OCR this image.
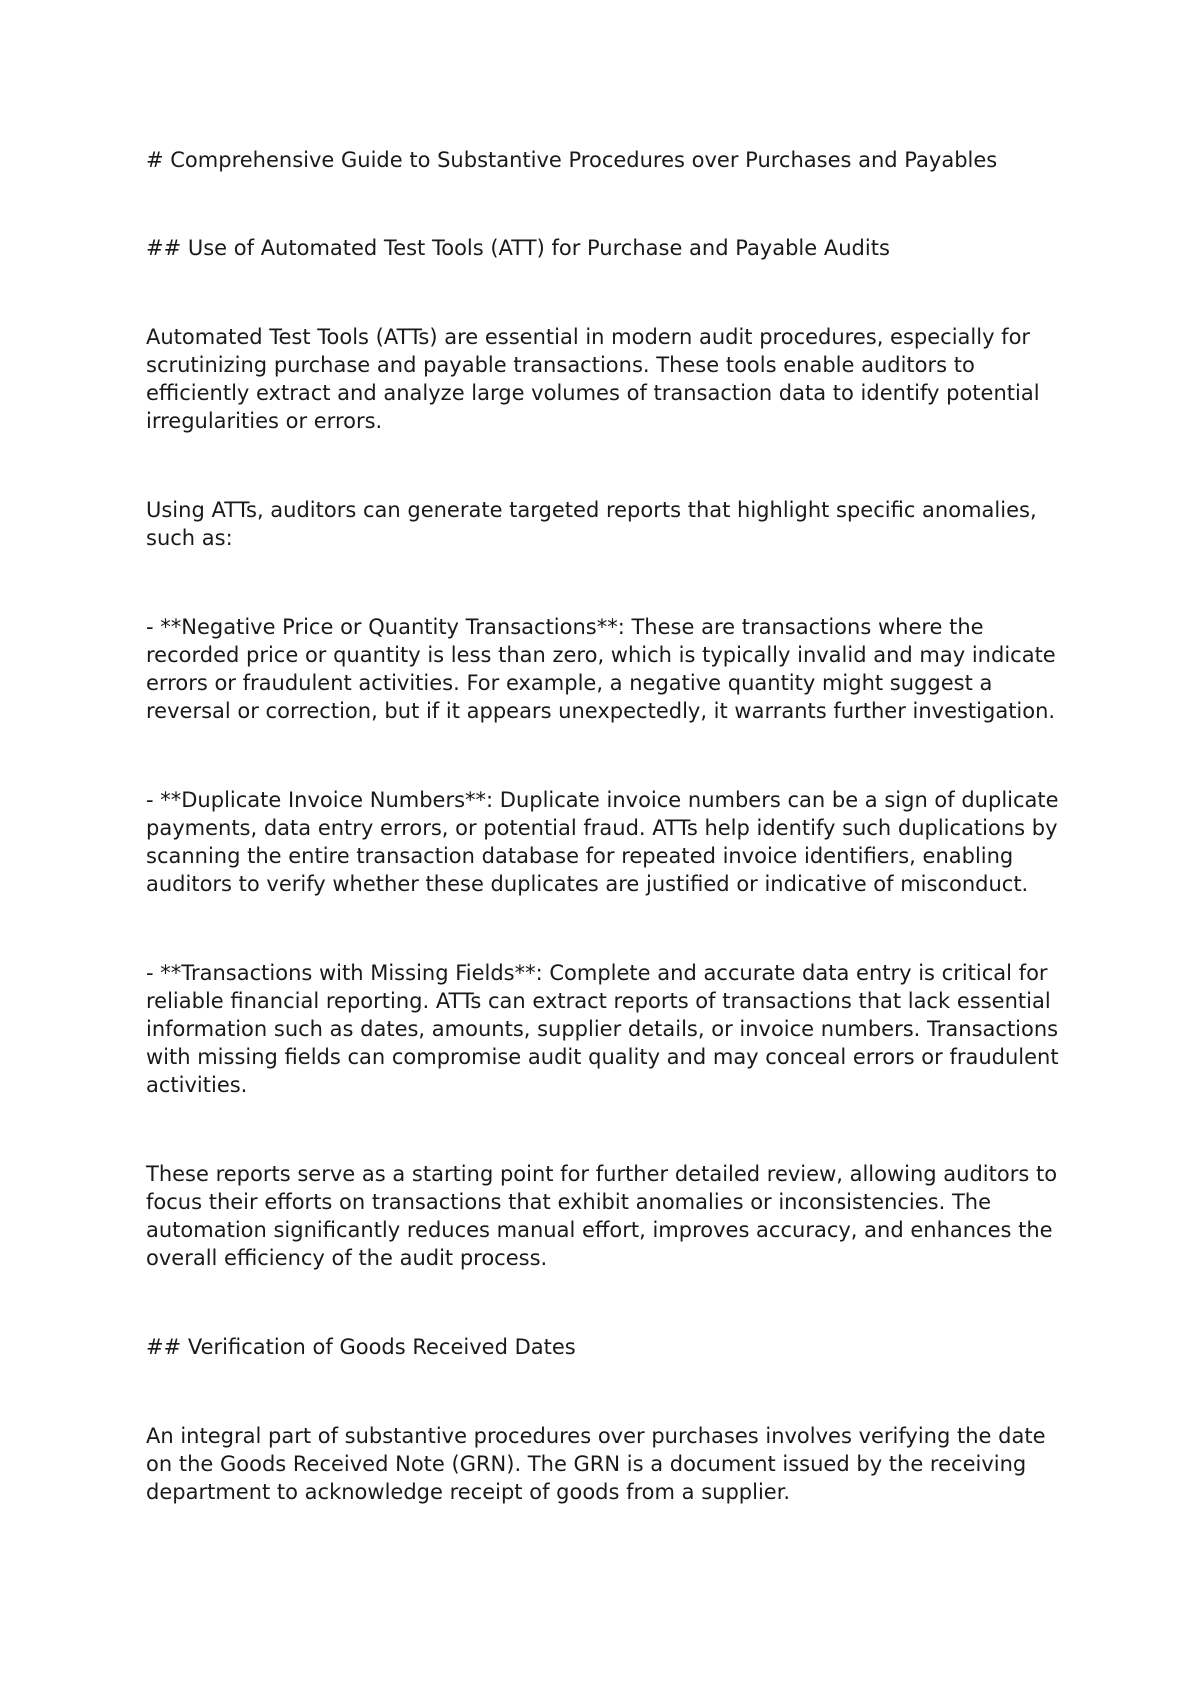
# Comprehensive Guide to Substantive Procedures over Purchases and Payables

## Use of Automated Test Tools (ATT) for Purchase and Payable Audits

Automated Test Tools (ATTs) are essential in modern audit procedures, especially for scrutinizing purchase and payable transactions. These tools enable auditors to efficiently extract and analyze large volumes of transaction data to identify potential irregularities or errors.

Using ATTs, auditors can generate targeted reports that highlight specific anomalies, such as:

- **Negative Price or Quantity Transactions**: These are transactions where the recorded price or quantity is less than zero, which is typically invalid and may indicate errors or fraudulent activities. For example, a negative quantity might suggest a reversal or correction, but if it appears unexpectedly, it warrants further investigation.

- **Duplicate Invoice Numbers**: Duplicate invoice numbers can be a sign of duplicate payments, data entry errors, or potential fraud. ATTs help identify such duplications by scanning the entire transaction database for repeated invoice identifiers, enabling auditors to verify whether these duplicates are justified or indicative of misconduct.

- **Transactions with Missing Fields**: Complete and accurate data entry is critical for reliable financial reporting. ATTs can extract reports of transactions that lack essential information such as dates, amounts, supplier details, or invoice numbers. Transactions with missing fields can compromise audit quality and may conceal errors or fraudulent activities.

These reports serve as a starting point for further detailed review, allowing auditors to focus their efforts on transactions that exhibit anomalies or inconsistencies. The automation significantly reduces manual effort, improves accuracy, and enhances the overall efficiency of the audit process.

## Verification of Goods Received Dates

An integral part of substantive procedures over purchases involves verifying the date on the Goods Received Note (GRN). The GRN is a document issued by the receiving department to acknowledge receipt of goods from a supplier.
